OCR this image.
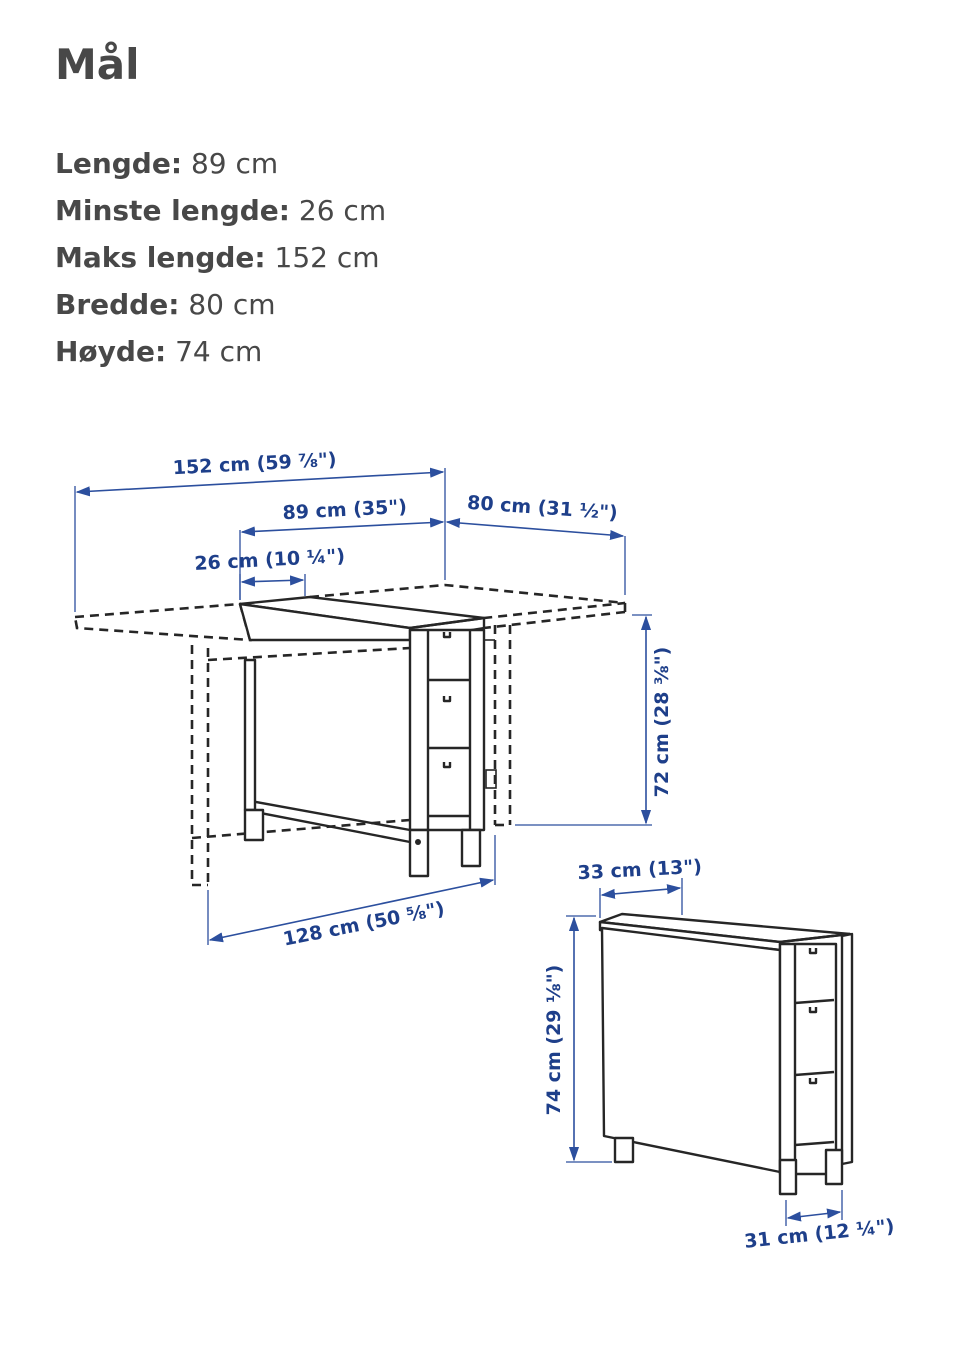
Mål
Lengde: 89 cm
Minste lengde: 26 cm
Maks lengde: 152 cm
Bredde: 80 cm
Høyde: 74 cm
152 cm (59 ⅞")
89 cm (35")	80 cm (31 ½")
26 cm (10 ¼")
72 cm (28 ⅜")
128 cm (50 ⅝")
33 cm (13")
74 cm (29 ⅛")
31 cm (12 ¼")
